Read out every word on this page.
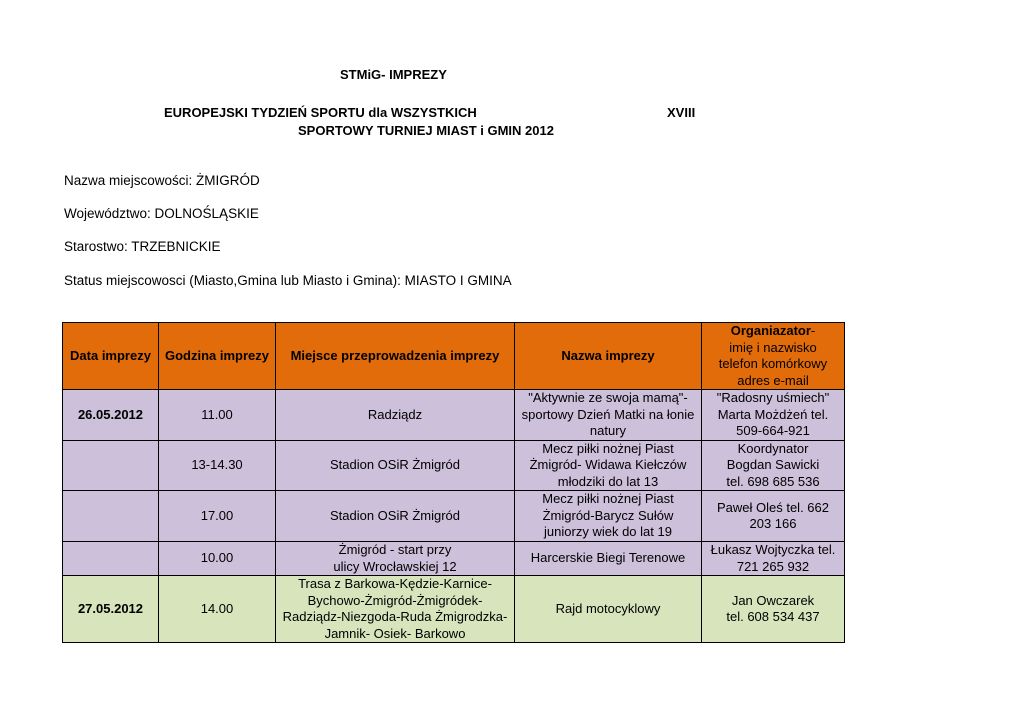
STMiG- IMPREZY
EUROPEJSKI TYDZIEŃ SPORTU dla WSZYSTKICH	XVIII
SPORTOWY TURNIEJ MIAST i GMIN 2012
Nazwa miejscowości: ŻMIGRÓD
Województwo: DOLNOŚLĄSKIE
Starostwo: TRZEBNICKIE
Status miejscowosci (Miasto,Gmina lub Miasto i Gmina): MIASTO I GMINA
Data imprezy	Godzina imprezy	Miejsce przeprowadzenia imprezy	Nazwa imprezy	Organiazator-
imię i nazwisko
telefon komórkowy
adres e-mail

26.05.2012	11.00	Radziądz	"Aktywnie ze swoja mamą"-
sportowy Dzień Matki na łonie
natury	"Radosny uśmiech"
Marta Możdżeń tel.
509-664-921

	13-14.30	Stadion OSiR Żmigród	Mecz piłki nożnej Piast
Żmigród- Widawa Kiełczów
młodziki do lat 13	Koordynator
Bogdan Sawicki
tel. 698 685 536

	17.00	Stadion OSiR Żmigród	Mecz piłki nożnej Piast
Żmigród-Barycz Sułów
juniorzy wiek do lat 19	Paweł Oleś tel. 662
203 166

	10.00	Żmigród - start przy
ulicy Wrocławskiej 12	Harcerskie Biegi Terenowe	Łukasz Wojtyczka tel.
721 265 932

27.05.2012	14.00	Trasa z Barkowa-Kędzie-Karnice-
Bychowo-Żmigród-Żmigródek-
Radziądz-Niezgoda-Ruda Żmigrodzka-
Jamnik- Osiek- Barkowo	Rajd motocyklowy	Jan Owczarek
tel. 608 534 437
